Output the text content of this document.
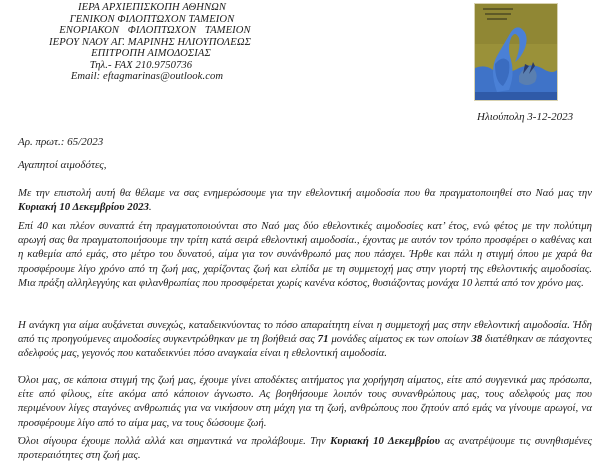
ΙΕΡΑ ΑΡΧΙΕΠΙΣΚΟΠΗ ΑΘΗΝΩΝ
ΓΕΝΙΚΟΝ ΦΙΛΟΠΤΩΧΟΝ ΤΑΜΕΙΟΝ
ΕΝΟΡΙΑΚΟΝ ΦΙΛΟΠΤΩΧΟΝ ΤΑΜΕΙΟΝ
ΙΕΡΟΥ ΝΑΟΥ ΑΓ. ΜΑΡΙΝΗΣ ΗΛΙΟΥΠΟΛΕΩΣ
ΕΠΙΤΡΟΠΗ ΑΙΜΟΔΟΣΙΑΣ
Τηλ.- FAX 210.9750736
Email: eftagmarinas@outlook.com
Ηλιούπολη 3-12-2023
Αρ. πρωτ.: 65/2023
Αγαπητοί αιμοδότες,
Με την επιστολή αυτή θα θέλαμε να σας ενημερώσουμε για την εθελοντική αιμοδοσία που θα πραγματοποιηθεί στο Ναό μας την Κυριακή 10 Δεκεμβρίου 2023.
Επί 40 και πλέον συναπτά έτη πραγματοποιούνται στο Ναό μας δύο εθελοντικές αιμοδοσίες κατ’ έτος, ενώ φέτος με την πολύτιμη αρωγή σας θα πραγματοποιήσουμε την τρίτη κατά σειρά εθελοντική αιμοδοσία., έχοντας με αυτόν τον τρόπο προσφέρει ο καθένας και η καθεμία από εμάς, στο μέτρο του δυνατού, αίμα για τον συνάνθρωπό μας που πάσχει. Ήρθε και πάλι η στιγμή όπου με χαρά θα προσφέρουμε λίγο χρόνο από τη ζωή μας, χαρίζοντας ζωή και ελπίδα με τη συμμετοχή μας στην γιορτή της εθελοντικής αιμοδοσίας. Μια πράξη αλληλεγγύης και φιλανθρωπίας που προσφέρεται χωρίς κανένα κόστος, θυσιάζοντας μονάχα 10 λεπτά από τον χρόνο μας.
Η ανάγκη για αίμα αυξάνεται συνεχώς, καταδεικνύοντας το πόσο απαραίτητη είναι η συμμετοχή μας στην εθελοντική αιμοδοσία. Ήδη από τις προηγούμενες αιμοδοσίες συγκεντρώθηκαν με τη βοήθειά σας 71 μονάδες αίματος εκ των οποίων 38 διατέθηκαν σε πάσχοντες αδελφούς μας, γεγονός που καταδεικνύει πόσο αναγκαία είναι η εθελοντική αιμοδοσία.
Όλοι μας, σε κάποια στιγμή της ζωή μας, έχουμε γίνει αποδέκτες αιτήματος για χορήγηση αίματος, είτε από συγγενικά μας πρόσωπα, είτε από φίλους, είτε ακόμα από κάποιον άγνωστο. Ας βοηθήσουμε λοιπόν τους συνανθρώπους μας, τους αδελφούς μας που περιμένουν λίγες σταγόνες ανθρωπιάς για να νικήσουν στη μάχη για τη ζωή, ανθρώπους που ζητούν από εμάς να γίνουμε αρωγοί, να προσφέρουμε λίγο από το αίμα μας, να τους δώσουμε ζωή.
Όλοι σίγουρα έχουμε πολλά αλλά και σημαντικά να προλάβουμε. Την Κυριακή 10 Δεκεμβρίου ας ανατρέψουμε τις συνηθισμένες προτεραιότητες στη ζωή μας.
